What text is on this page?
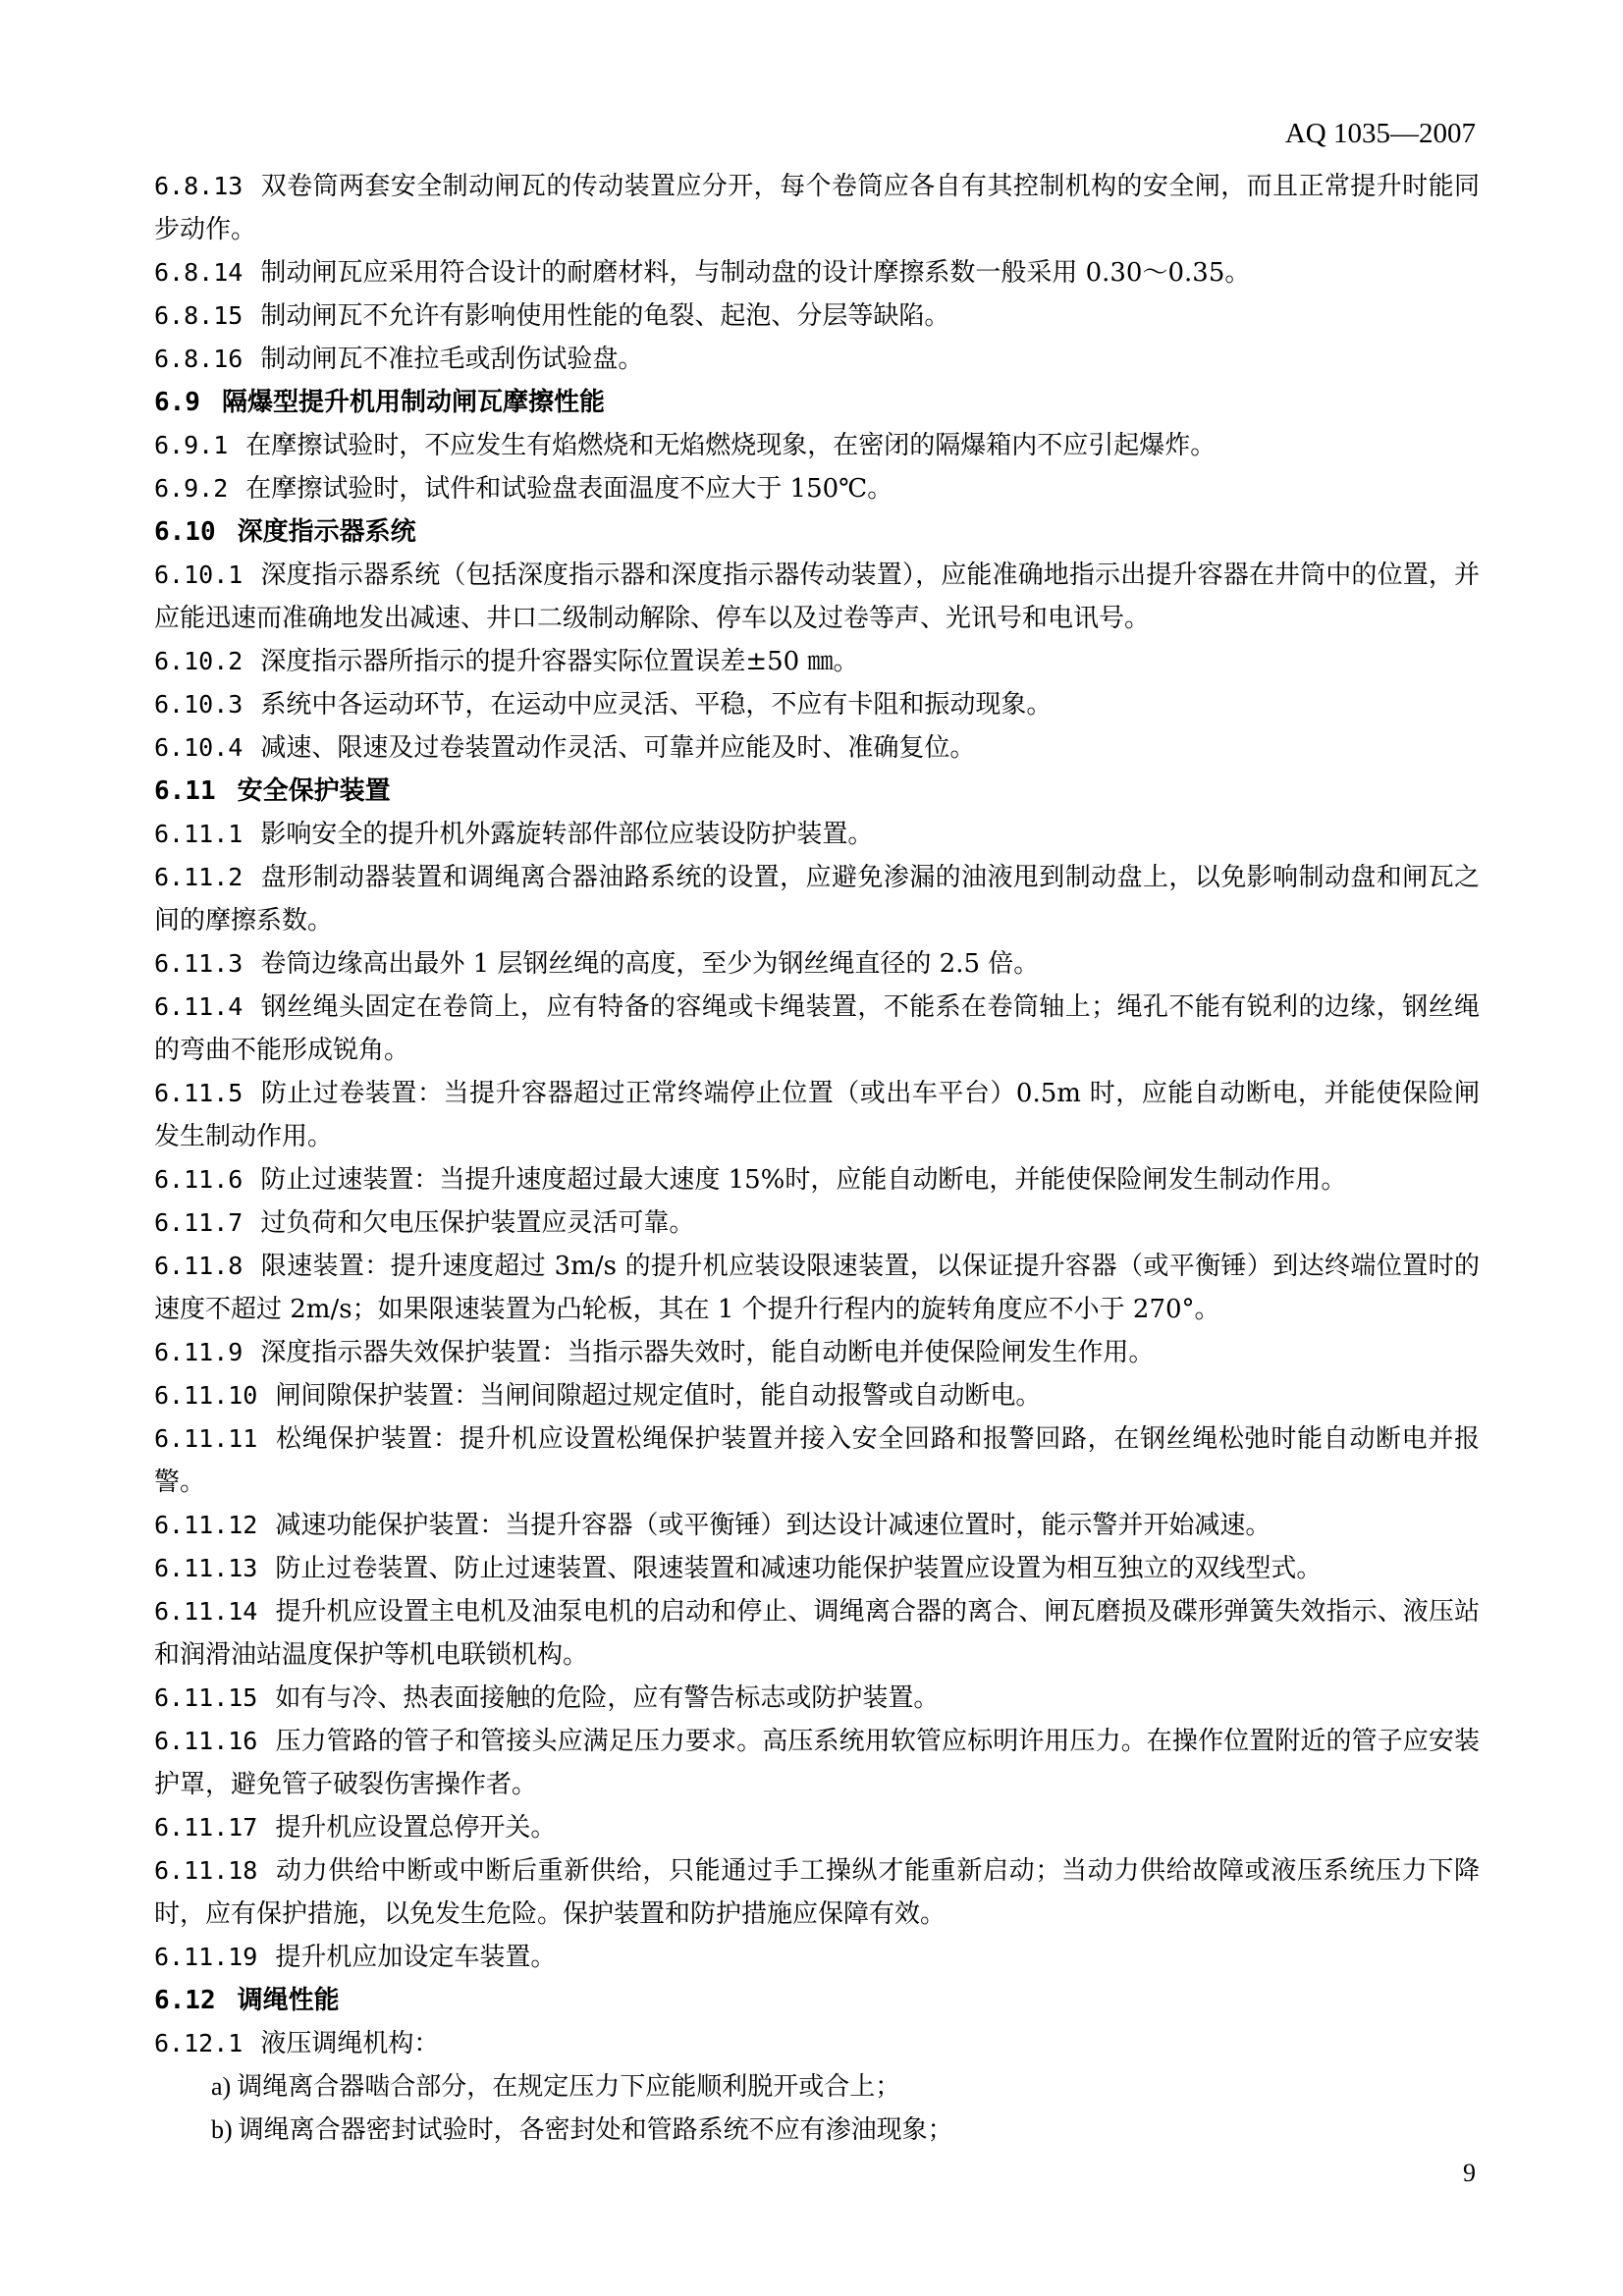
AQ 1035—2007
6.8.13 双卷筒两套安全制动闸瓦的传动装置应分开，每个卷筒应各自有其控制机构的安全闸，而且正常提升时能同步动作。
6.8.14 制动闸瓦应采用符合设计的耐磨材料，与制动盘的设计摩擦系数一般采用 0.30～0.35。
6.8.15 制动闸瓦不允许有影响使用性能的龟裂、起泡、分层等缺陷。
6.8.16 制动闸瓦不准拉毛或刮伤试验盘。
6.9 隔爆型提升机用制动闸瓦摩擦性能
6.9.1 在摩擦试验时，不应发生有焰燃烧和无焰燃烧现象，在密闭的隔爆箱内不应引起爆炸。
6.9.2 在摩擦试验时，试件和试验盘表面温度不应大于 150℃。
6.10 深度指示器系统
6.10.1 深度指示器系统（包括深度指示器和深度指示器传动装置），应能准确地指示出提升容器在井筒中的位置，并应能迅速而准确地发出减速、井口二级制动解除、停车以及过卷等声、光讯号和电讯号。
6.10.2 深度指示器所指示的提升容器实际位置误差±50 ㎜。
6.10.3 系统中各运动环节，在运动中应灵活、平稳，不应有卡阻和振动现象。
6.10.4 减速、限速及过卷装置动作灵活、可靠并应能及时、准确复位。
6.11 安全保护装置
6.11.1 影响安全的提升机外露旋转部件部位应装设防护装置。
6.11.2 盘形制动器装置和调绳离合器油路系统的设置，应避免渗漏的油液甩到制动盘上，以免影响制动盘和闸瓦之间的摩擦系数。
6.11.3 卷筒边缘高出最外 1 层钢丝绳的高度，至少为钢丝绳直径的 2.5 倍。
6.11.4 钢丝绳头固定在卷筒上，应有特备的容绳或卡绳装置，不能系在卷筒轴上；绳孔不能有锐利的边缘，钢丝绳的弯曲不能形成锐角。
6.11.5 防止过卷装置：当提升容器超过正常终端停止位置（或出车平台）0.5m 时，应能自动断电，并能使保险闸发生制动作用。
6.11.6 防止过速装置：当提升速度超过最大速度 15%时，应能自动断电，并能使保险闸发生制动作用。
6.11.7 过负荷和欠电压保护装置应灵活可靠。
6.11.8 限速装置：提升速度超过 3m/s 的提升机应装设限速装置，以保证提升容器（或平衡锤）到达终端位置时的速度不超过 2m/s；如果限速装置为凸轮板，其在 1 个提升行程内的旋转角度应不小于 270°。
6.11.9 深度指示器失效保护装置：当指示器失效时，能自动断电并使保险闸发生作用。
6.11.10 闸间隙保护装置：当闸间隙超过规定值时，能自动报警或自动断电。
6.11.11 松绳保护装置：提升机应设置松绳保护装置并接入安全回路和报警回路，在钢丝绳松弛时能自动断电并报警。
6.11.12 减速功能保护装置：当提升容器（或平衡锤）到达设计减速位置时，能示警并开始减速。
6.11.13 防止过卷装置、防止过速装置、限速装置和减速功能保护装置应设置为相互独立的双线型式。
6.11.14 提升机应设置主电机及油泵电机的启动和停止、调绳离合器的离合、闸瓦磨损及碟形弹簧失效指示、液压站和润滑油站温度保护等机电联锁机构。
6.11.15 如有与冷、热表面接触的危险，应有警告标志或防护装置。
6.11.16 压力管路的管子和管接头应满足压力要求。高压系统用软管应标明许用压力。在操作位置附近的管子应安装护罩，避免管子破裂伤害操作者。
6.11.17 提升机应设置总停开关。
6.11.18 动力供给中断或中断后重新供给，只能通过手工操纵才能重新启动；当动力供给故障或液压系统压力下降时，应有保护措施，以免发生危险。保护装置和防护措施应保障有效。
6.11.19 提升机应加设定车装置。
6.12 调绳性能
6.12.1 液压调绳机构：
a) 调绳离合器啮合部分，在规定压力下应能顺利脱开或合上；
b) 调绳离合器密封试验时，各密封处和管路系统不应有渗油现象；
9
